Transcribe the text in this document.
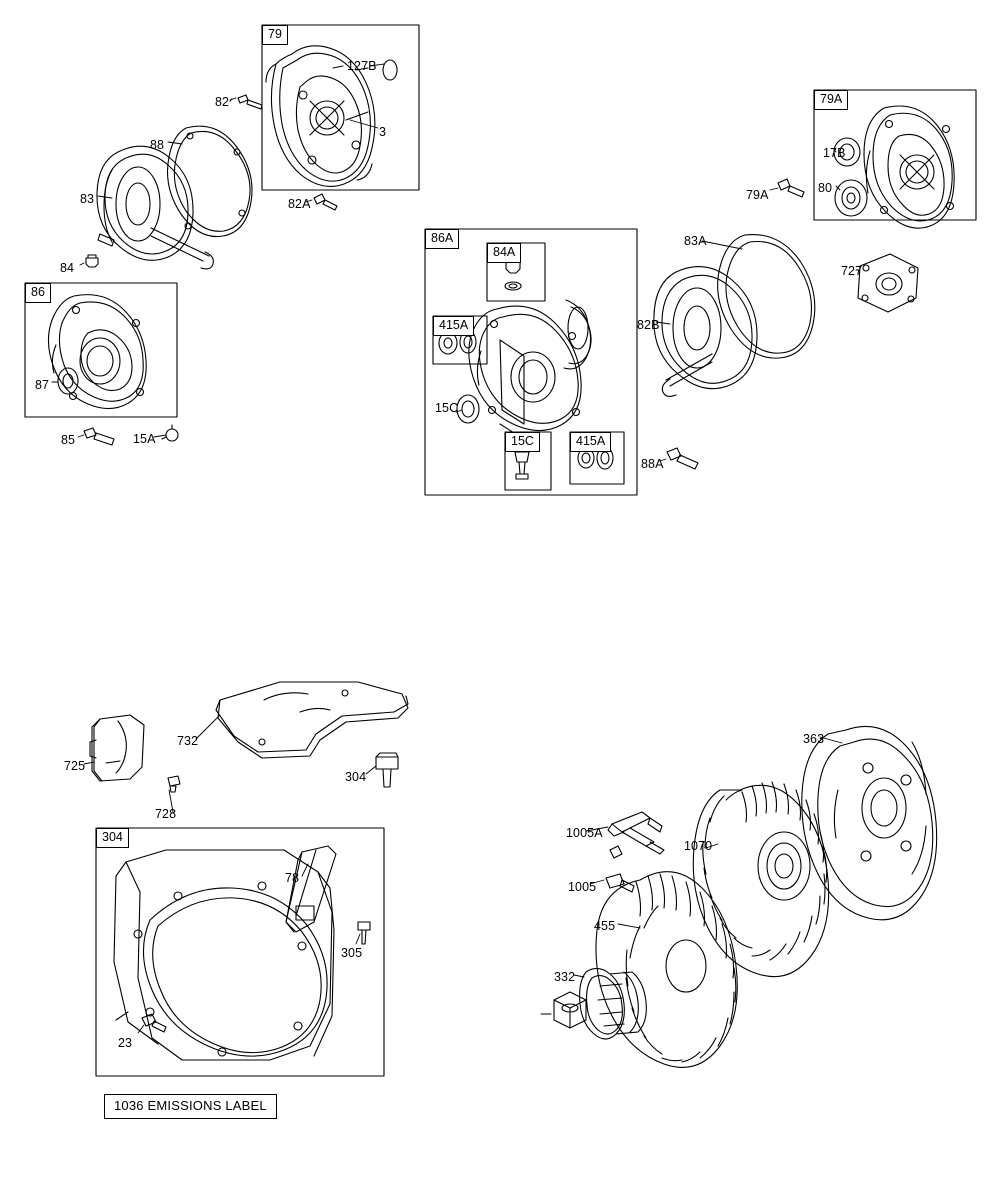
127B
3
82
88
83	82A
84
87
85	15A
15C
88A
83A
82B
79A
17B
80
727
725
732
728
304
78
305
23
363
1005A
1070
1005
455
332
79
79A
86
86A
84A
415A
15C	415A
304
1036 EMISSIONS LABEL
